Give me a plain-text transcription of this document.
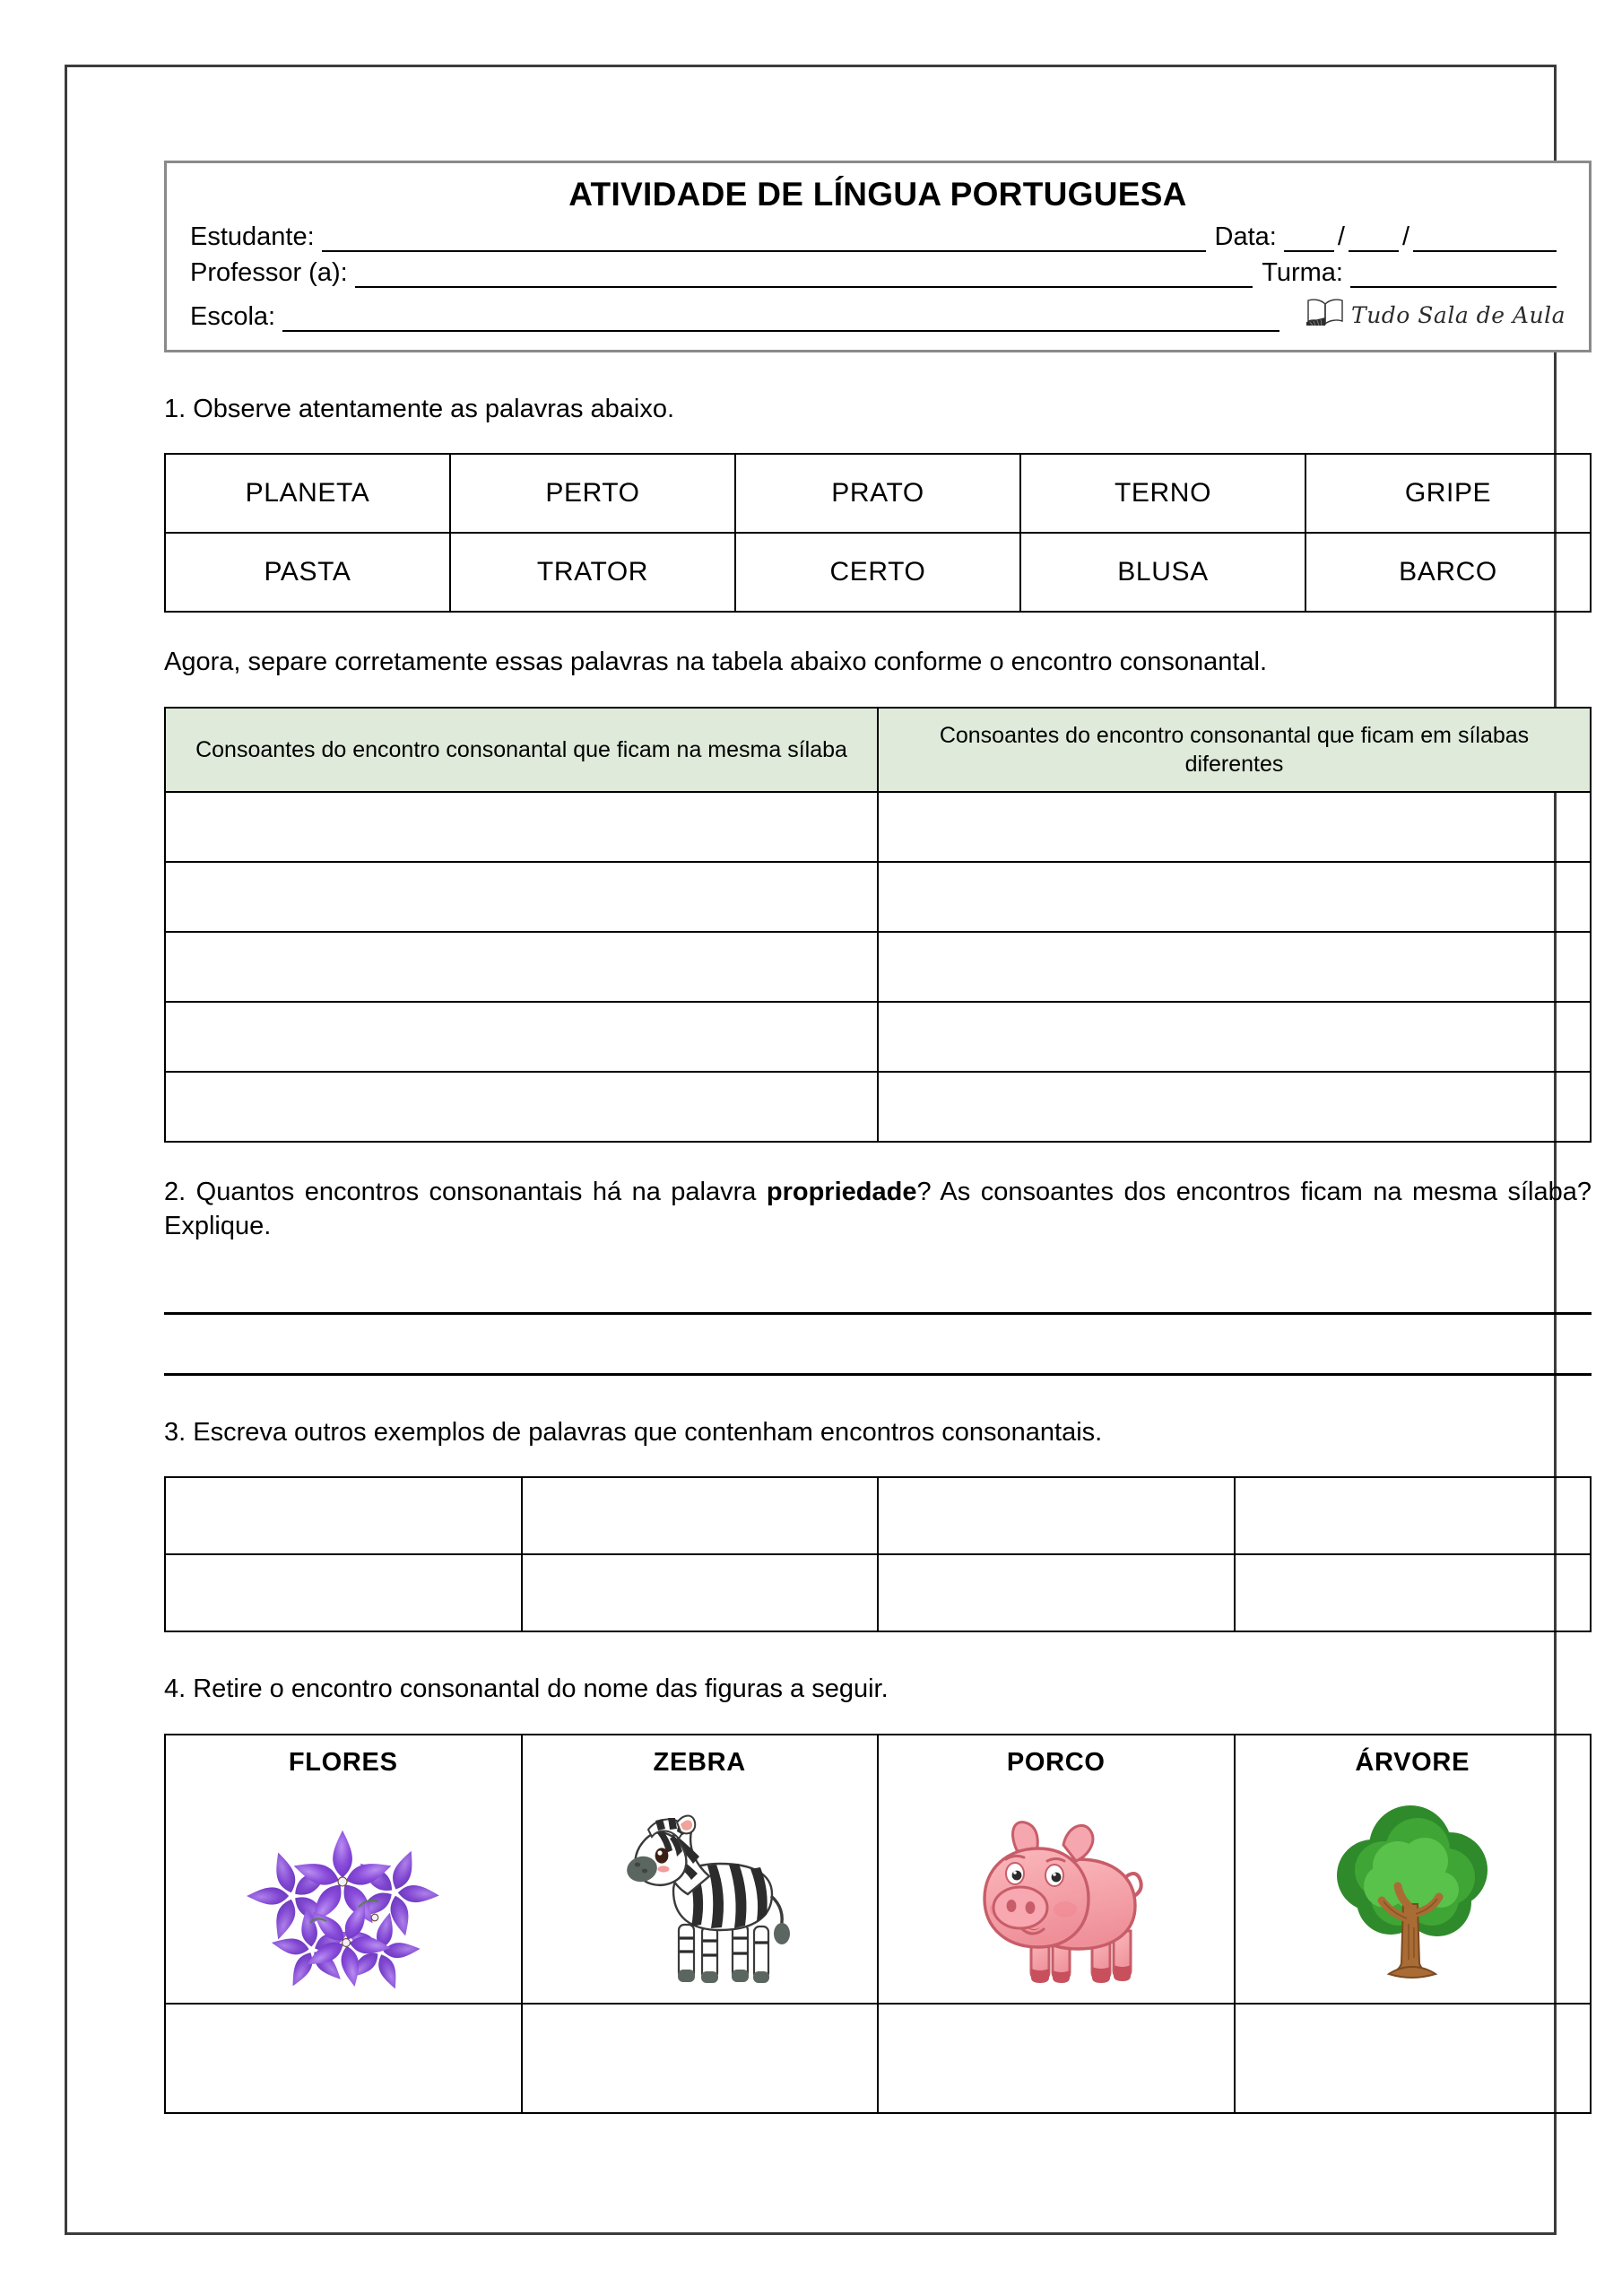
ATIVIDADE DE LÍNGUA PORTUGUESA
Estudante:	Data: / /
Professor (a):	Turma:
Escola:	Tudo Sala de Aula
1. Observe atentamente as palavras abaixo.
PLANETA	PERTO	PRATO	TERNO	GRIPE
PASTA	TRATOR	CERTO	BLUSA	BARCO
Agora, separe corretamente essas palavras na tabela abaixo conforme o encontro consonantal.
Consoantes do encontro consonantal que ficam na mesma sílaba	Consoantes do encontro consonantal que ficam em sílabas diferentes

2. Quantos encontros consonantais há na palavra propriedade? As consoantes dos encontros ficam na mesma sílaba? Explique.
3. Escreva outros exemplos de palavras que contenham encontros consonantais.

4. Retire o encontro consonantal do nome das figuras a seguir.
FLORES	ZEBRA	PORCO	ÁRVORE
